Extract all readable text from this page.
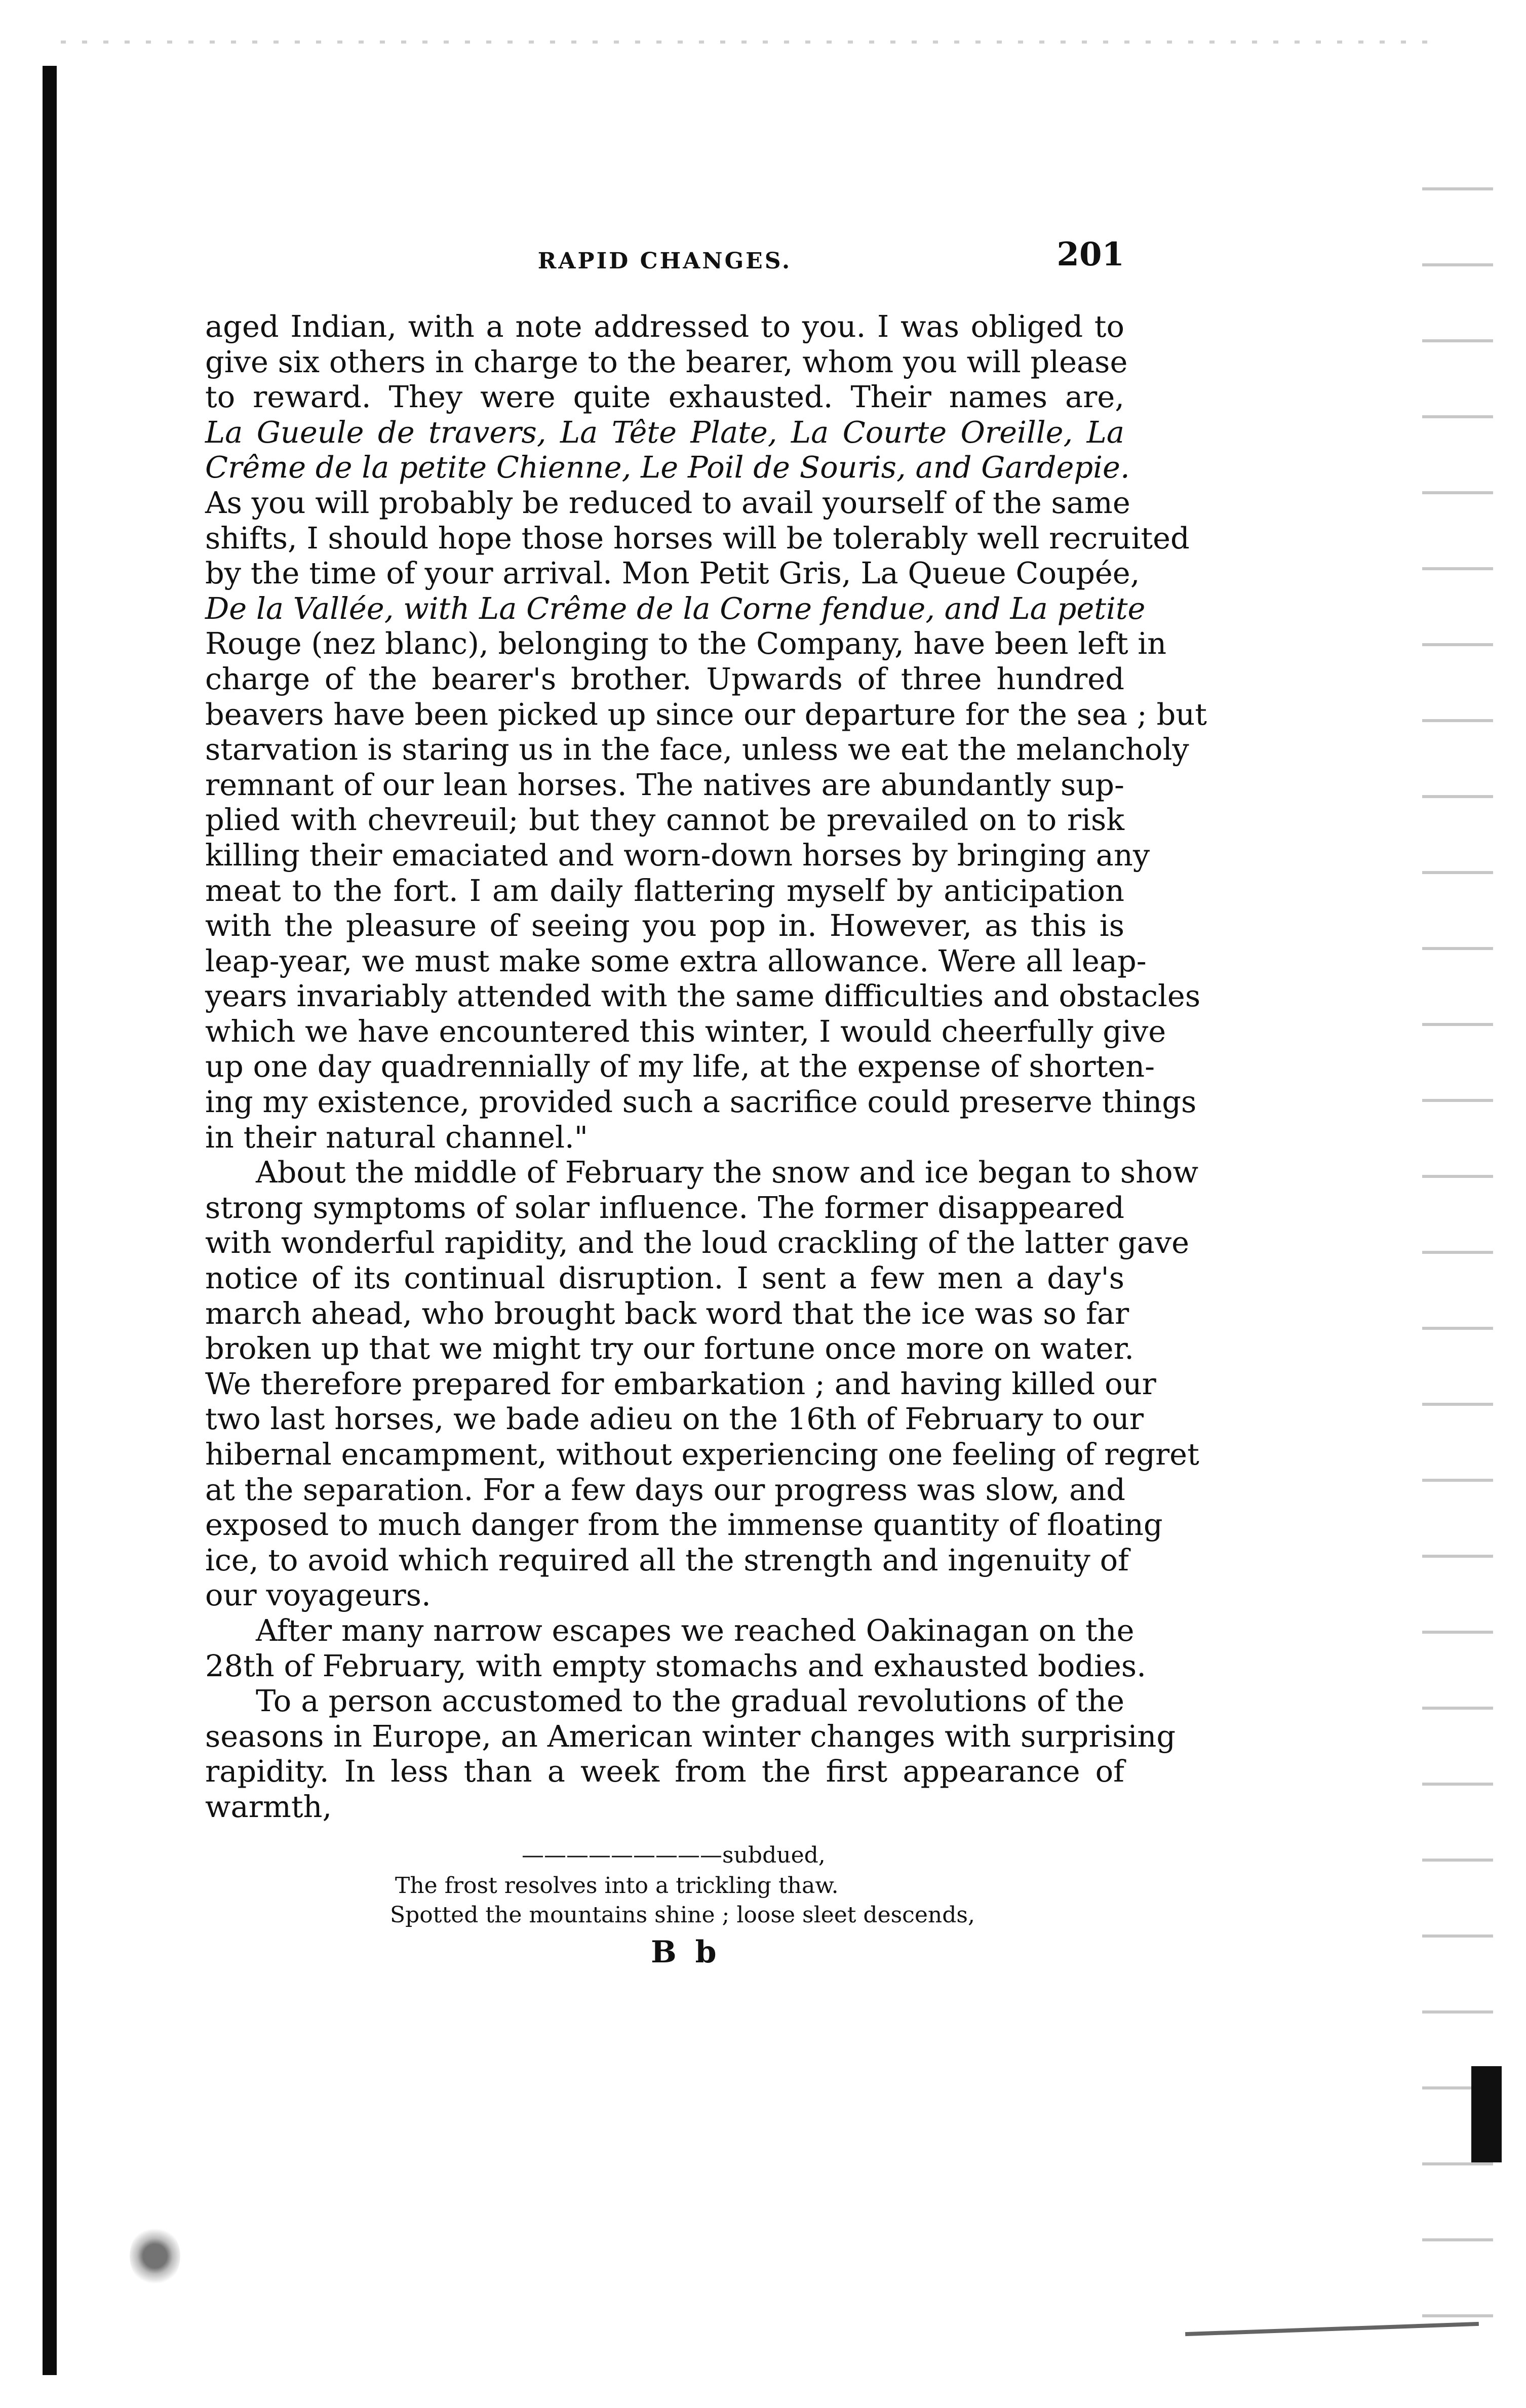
RAPID CHANGES.	201
aged Indian, with a note addressed to you. I was obliged to
give six others in charge to the bearer, whom you will please
to reward. They were quite exhausted. Their names are,
La Gueule de travers, La Tête Plate, La Courte Oreille, La
Crême de la petite Chienne, Le Poil de Souris, and Gardepie.
As you will probably be reduced to avail yourself of the same
shifts, I should hope those horses will be tolerably well recruited
by the time of your arrival. Mon Petit Gris, La Queue Coupée,
De la Vallée, with La Crême de la Corne fendue, and La petite
Rouge (nez blanc), belonging to the Company, have been left in
charge of the bearer's brother. Upwards of three hundred
beavers have been picked up since our departure for the sea ; but
starvation is staring us in the face, unless we eat the melancholy
remnant of our lean horses. The natives are abundantly sup-
plied with chevreuil; but they cannot be prevailed on to risk
killing their emaciated and worn-down horses by bringing any
meat to the fort. I am daily flattering myself by anticipation
with the pleasure of seeing you pop in. However, as this is
leap-year, we must make some extra allowance. Were all leap-
years invariably attended with the same difficulties and obstacles
which we have encountered this winter, I would cheerfully give
up one day quadrennially of my life, at the expense of shorten-
ing my existence, provided such a sacrifice could preserve things
in their natural channel."
About the middle of February the snow and ice began to show
strong symptoms of solar influence. The former disappeared
with wonderful rapidity, and the loud crackling of the latter gave
notice of its continual disruption. I sent a few men a day's
march ahead, who brought back word that the ice was so far
broken up that we might try our fortune once more on water.
We therefore prepared for embarkation ; and having killed our
two last horses, we bade adieu on the 16th of February to our
hibernal encampment, without experiencing one feeling of regret
at the separation. For a few days our progress was slow, and
exposed to much danger from the immense quantity of floating
ice, to avoid which required all the strength and ingenuity of
our voyageurs.
After many narrow escapes we reached Oakinagan on the
28th of February, with empty stomachs and exhausted bodies.
To a person accustomed to the gradual revolutions of the
seasons in Europe, an American winter changes with surprising
rapidity. In less than a week from the first appearance of
warmth,
—————————subdued,
The frost resolves into a trickling thaw.
Spotted the mountains shine ; loose sleet descends,
B b
